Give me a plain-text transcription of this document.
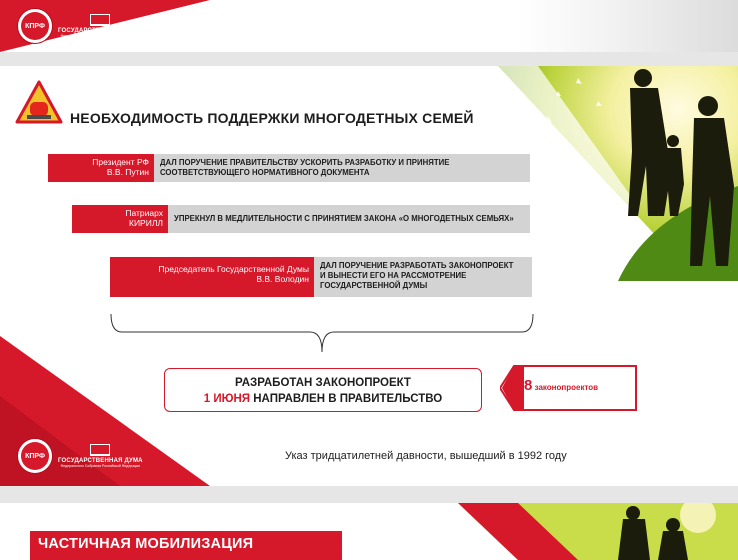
КПРФ
ГОСУДАРСТВЕННАЯ ДУМА
Федерального Собрания Российской Федерации
КПРФ
ГОСУДАРСТВЕННАЯ ДУМА
Федерального Собрания Российской Федерации
НЕОБХОДИМОСТЬ ПОДДЕРЖКИ МНОГОДЕТНЫХ СЕМЕЙ
Президент РФ
В.В. Путин
ДАЛ ПОРУЧЕНИЕ ПРАВИТЕЛЬСТВУ УСКОРИТЬ РАЗРАБОТКУ И ПРИНЯТИЕ
СООТВЕТСТВУЮЩЕГО НОРМАТИВНОГО ДОКУМЕНТА
Патриарх
КИРИЛЛ УПРЕКНУЛ В МЕДЛИТЕЛЬНОСТИ С ПРИНЯТИЕМ ЗАКОНА «О МНОГОДЕТНЫХ СЕМЬЯХ»
Председатель Государственной Думы
В.В. Володин
ДАЛ ПОРУЧЕНИЕ РАЗРАБОТАТЬ ЗАКОНОПРОЕКТ
И ВЫНЕСТИ ЕГО НА РАССМОТРЕНИЕ
ГОСУДАРСТВЕННОЙ ДУМЫ
РАЗРАБОТАН ЗАКОНОПРОЕКТ
1 ИЮНЯ НАПРАВЛЕН В ПРАВИТЕЛЬСТВО
8 законопроектов
Указ тридцатилетней давности, вышедший в 1992 году
ЧАСТИЧНАЯ МОБИЛИЗАЦИЯ
